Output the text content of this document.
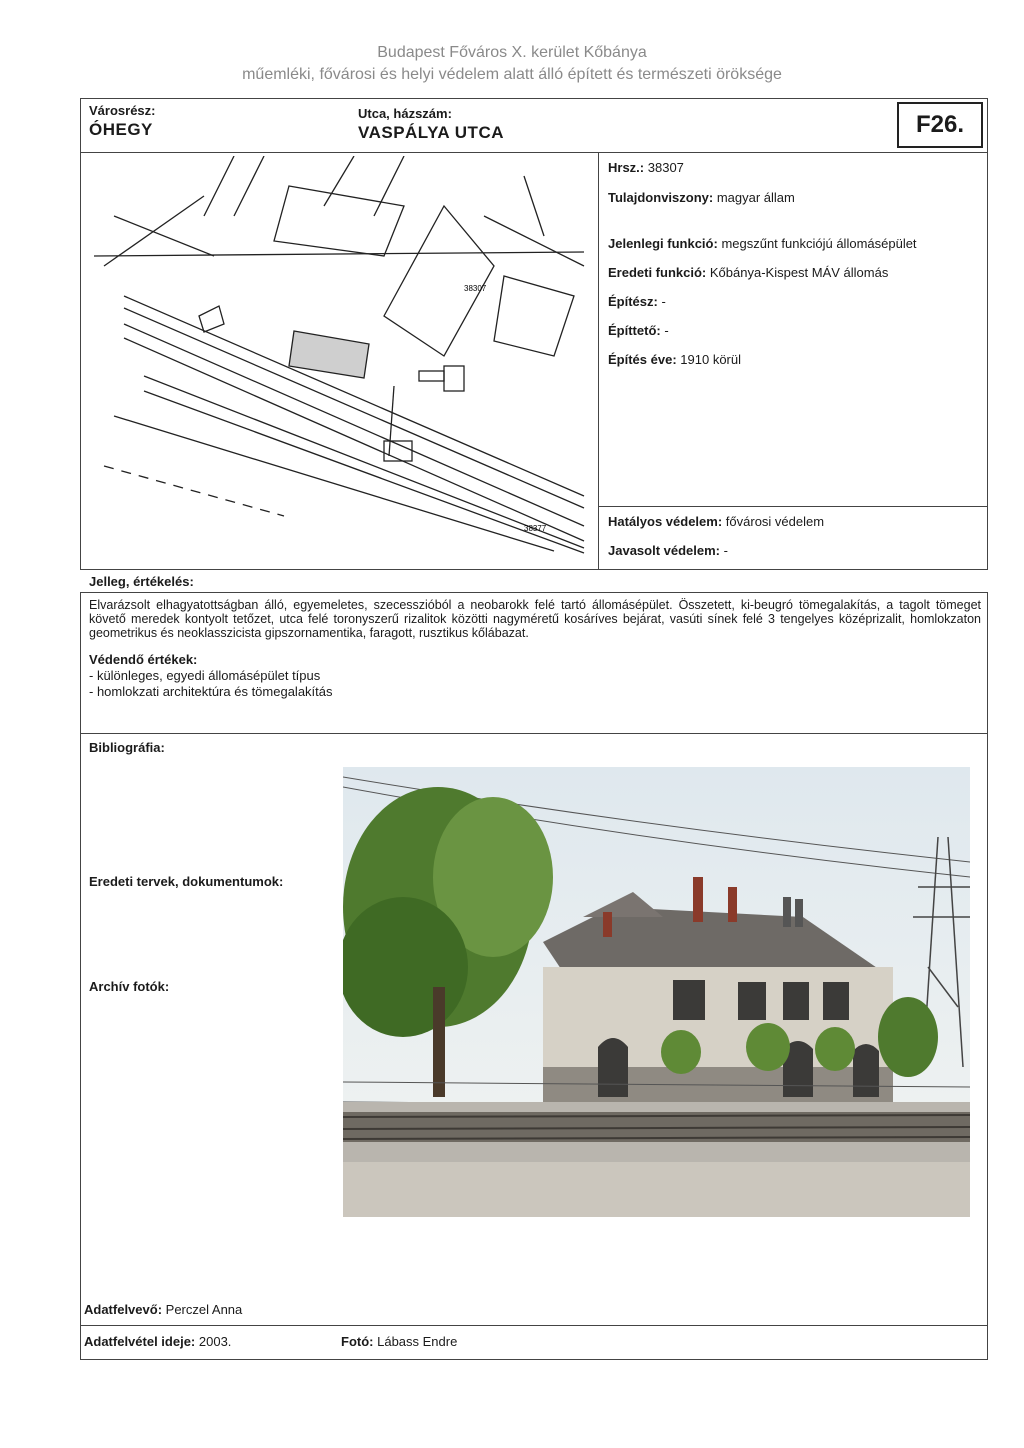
Budapest Főváros X. kerület Kőbánya
műemléki, fővárosi és helyi védelem alatt álló épített és természeti öröksége
Városrész:
ÓHEGY
Utca, házszám:
VASPÁLYA UTCA	F26.
38307
38377
Hrsz.: 38307
Tulajdonviszony: magyar állam
Jelenlegi funkció: megszűnt funkciójú állomásépület
Eredeti funkció: Kőbánya-Kispest MÁV állomás
Építész: -
Építtető: -
Építés éve: 1910 körül
Hatályos védelem: fővárosi védelem
Javasolt védelem: -
Jelleg, értékelés:
Elvarázsolt elhagyatottságban álló, egyemeletes, szecesszióból a neobarokk felé tartó állomásépület. Összetett, ki-beugró tömegalakítás, a tagolt tömeget követő meredek kontyolt tetőzet, utca felé toronyszerű rizalitok közötti nagyméretű kosáríves bejárat, vasúti sínek felé 3 tengelyes középrizalit, homlokzaton geometrikus és neoklasszicista gipszornamentika, faragott, rusztikus kőlábazat.
Védendő értékek:
- különleges, egyedi állomásépület típus
- homlokzati architektúra és tömegalakítás
Bibliográfia:
Eredeti tervek, dokumentumok:
Archív fotók:
Adatfelvevő: Perczel Anna
Adatfelvétel ideje: 2003.	Fotó: Lábass Endre
